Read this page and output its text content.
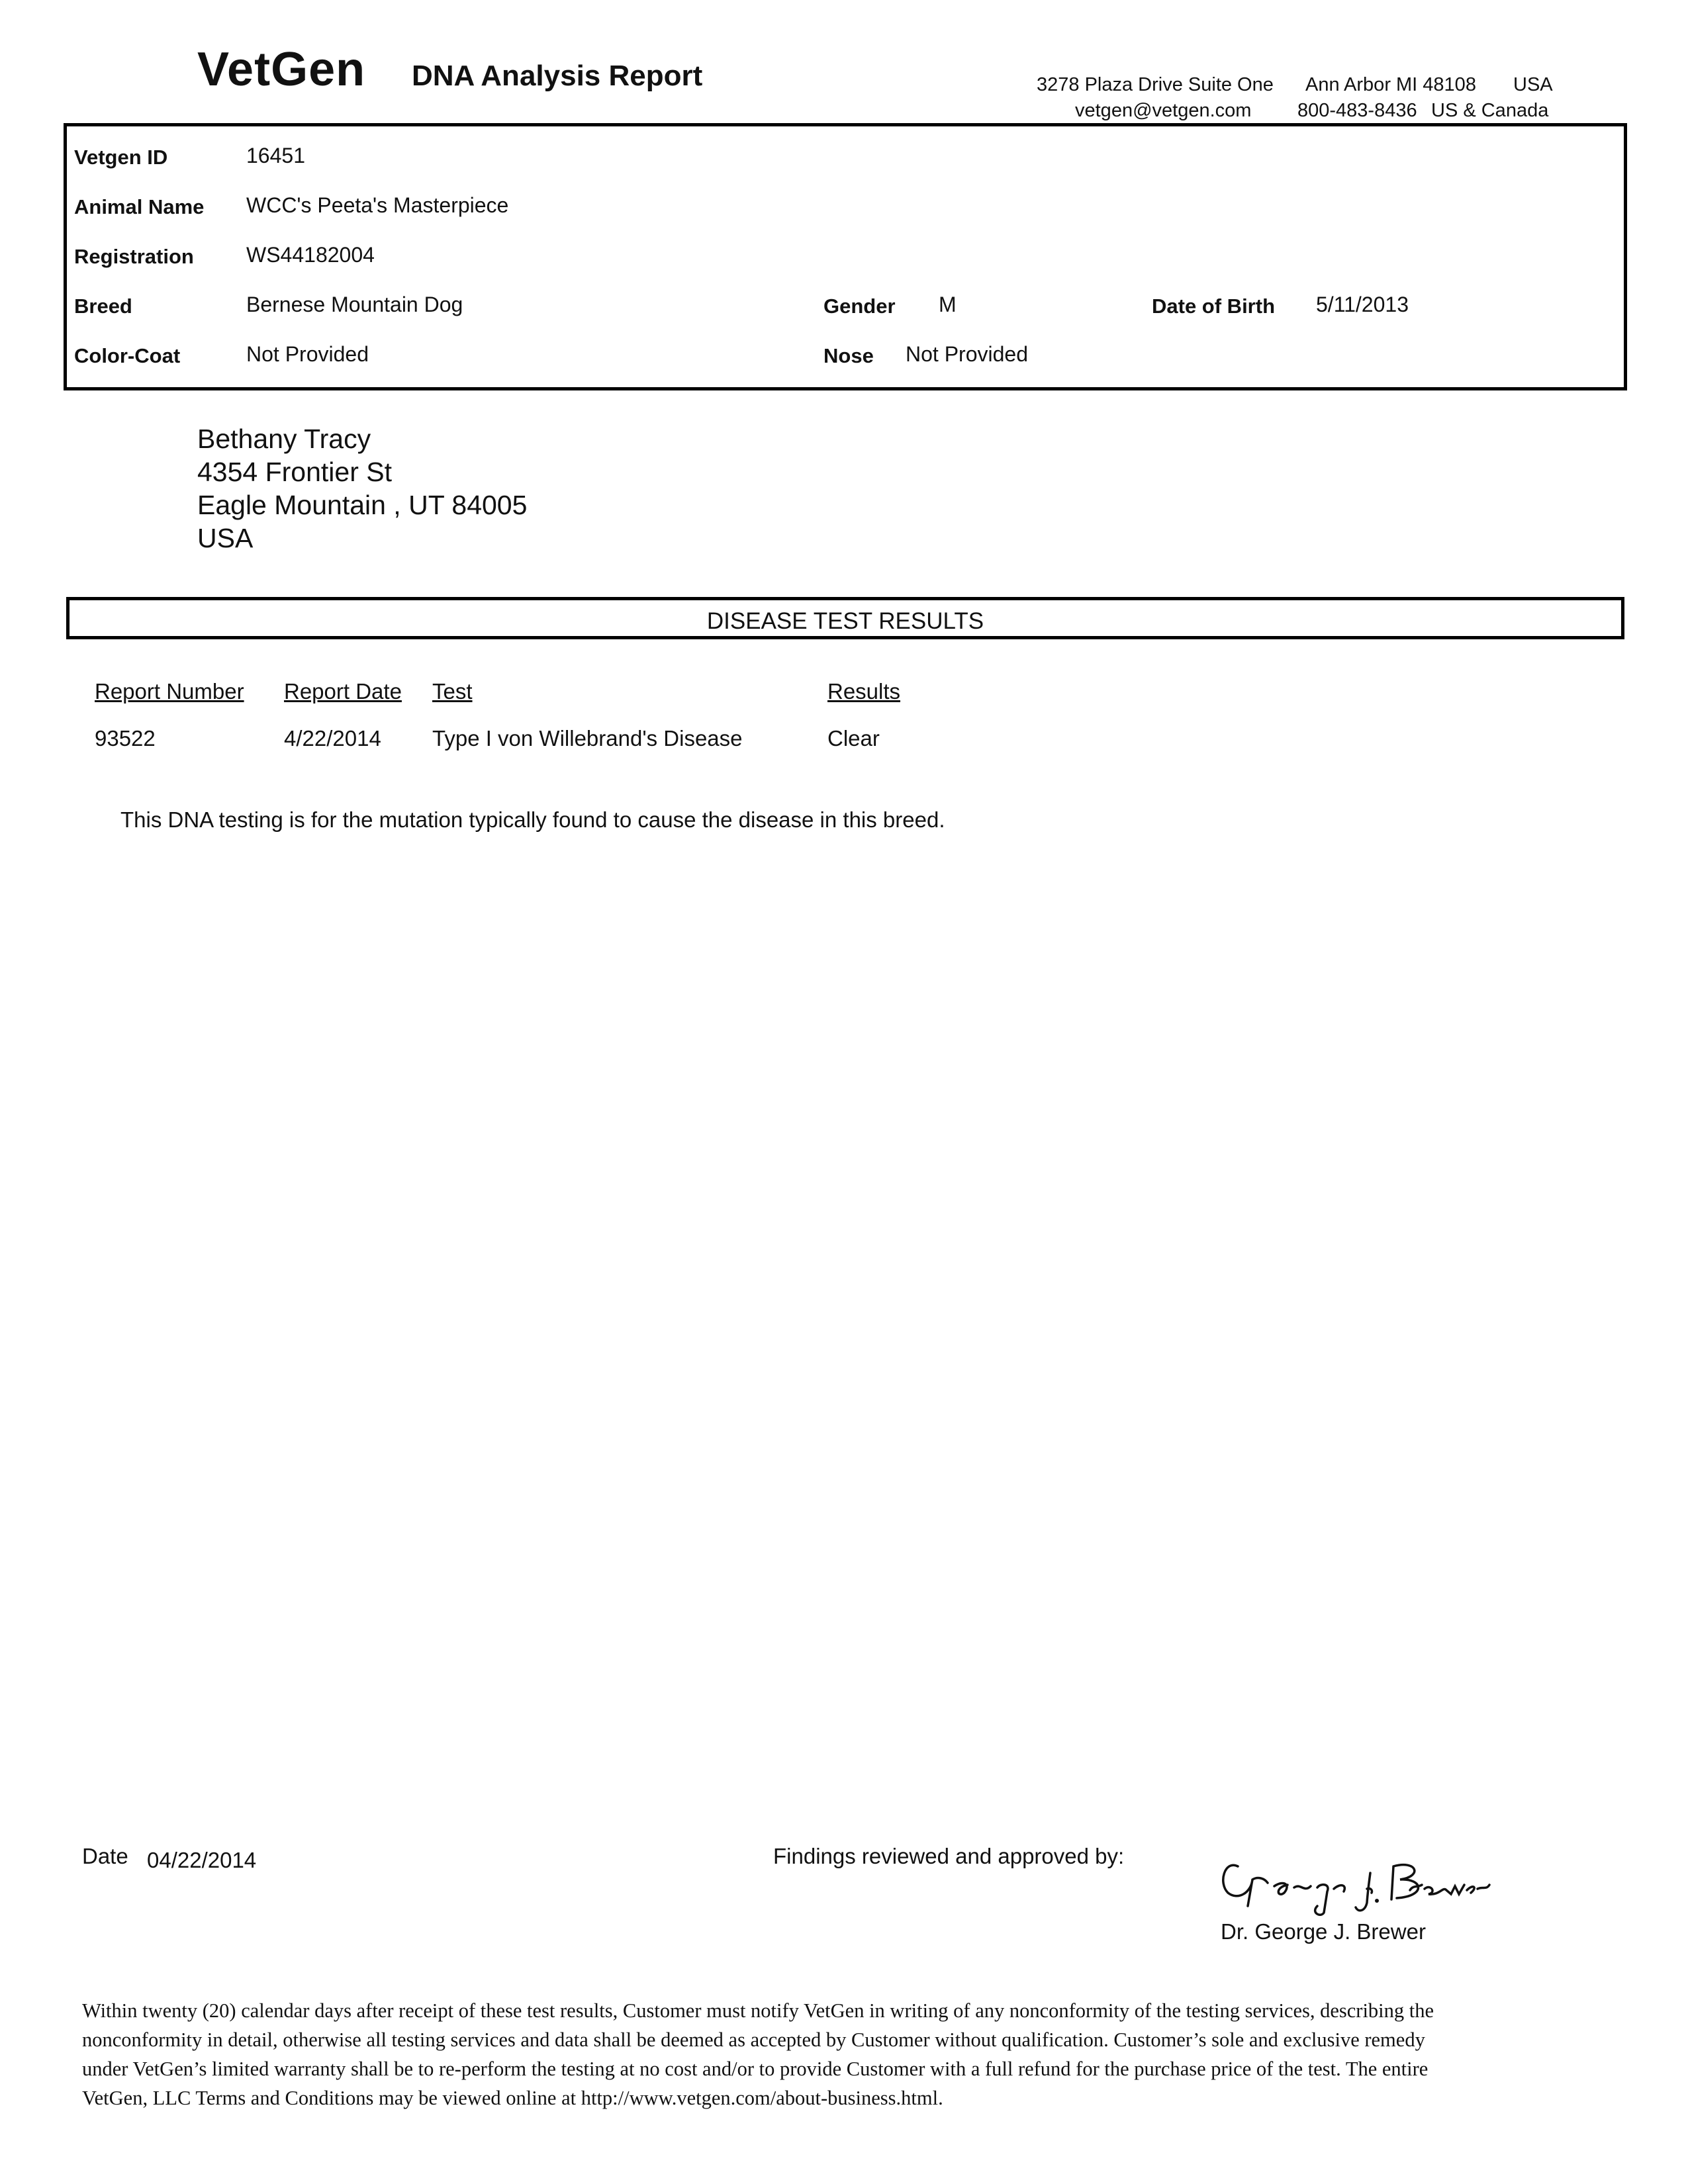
VetGen DNA Analysis Report	3278 Plaza Drive Suite One Ann Arbor MI 48108 USA
vetgen@vetgen.com 800-483-8436 US & Canada
Vetgen ID	16451
Animal Name WCC's Peeta's Masterpiece
Registration WS44182004
Breed	Bernese Mountain Dog	Gender M	Date of Birth 5/11/2013
Color-Coat	Not Provided	Nose Not Provided
Bethany Tracy
4354 Frontier St
Eagle Mountain , UT 84005
USA
DISEASE TEST RESULTS
Report Number Report Date Test	Results
93522	4/22/2014 Type I von Willebrand's Disease	Clear
This DNA testing is for the mutation typically found to cause the disease in this breed.
Date 04/22/2014	Findings reviewed and approved by:
Dr. George J. Brewer
Within twenty (20) calendar days after receipt of these test results, Customer must notify VetGen in writing of any nonconformity of the testing services, describing the nonconformity in detail, otherwise all testing services and data shall be deemed as accepted by Customer without qualification. Customer’s sole and exclusive remedy under VetGen’s limited warranty shall be to re-perform the testing at no cost and/or to provide Customer with a full refund for the purchase price of the test. The entire VetGen, LLC Terms and Conditions may be viewed online at http://www.vetgen.com/about-business.html.
